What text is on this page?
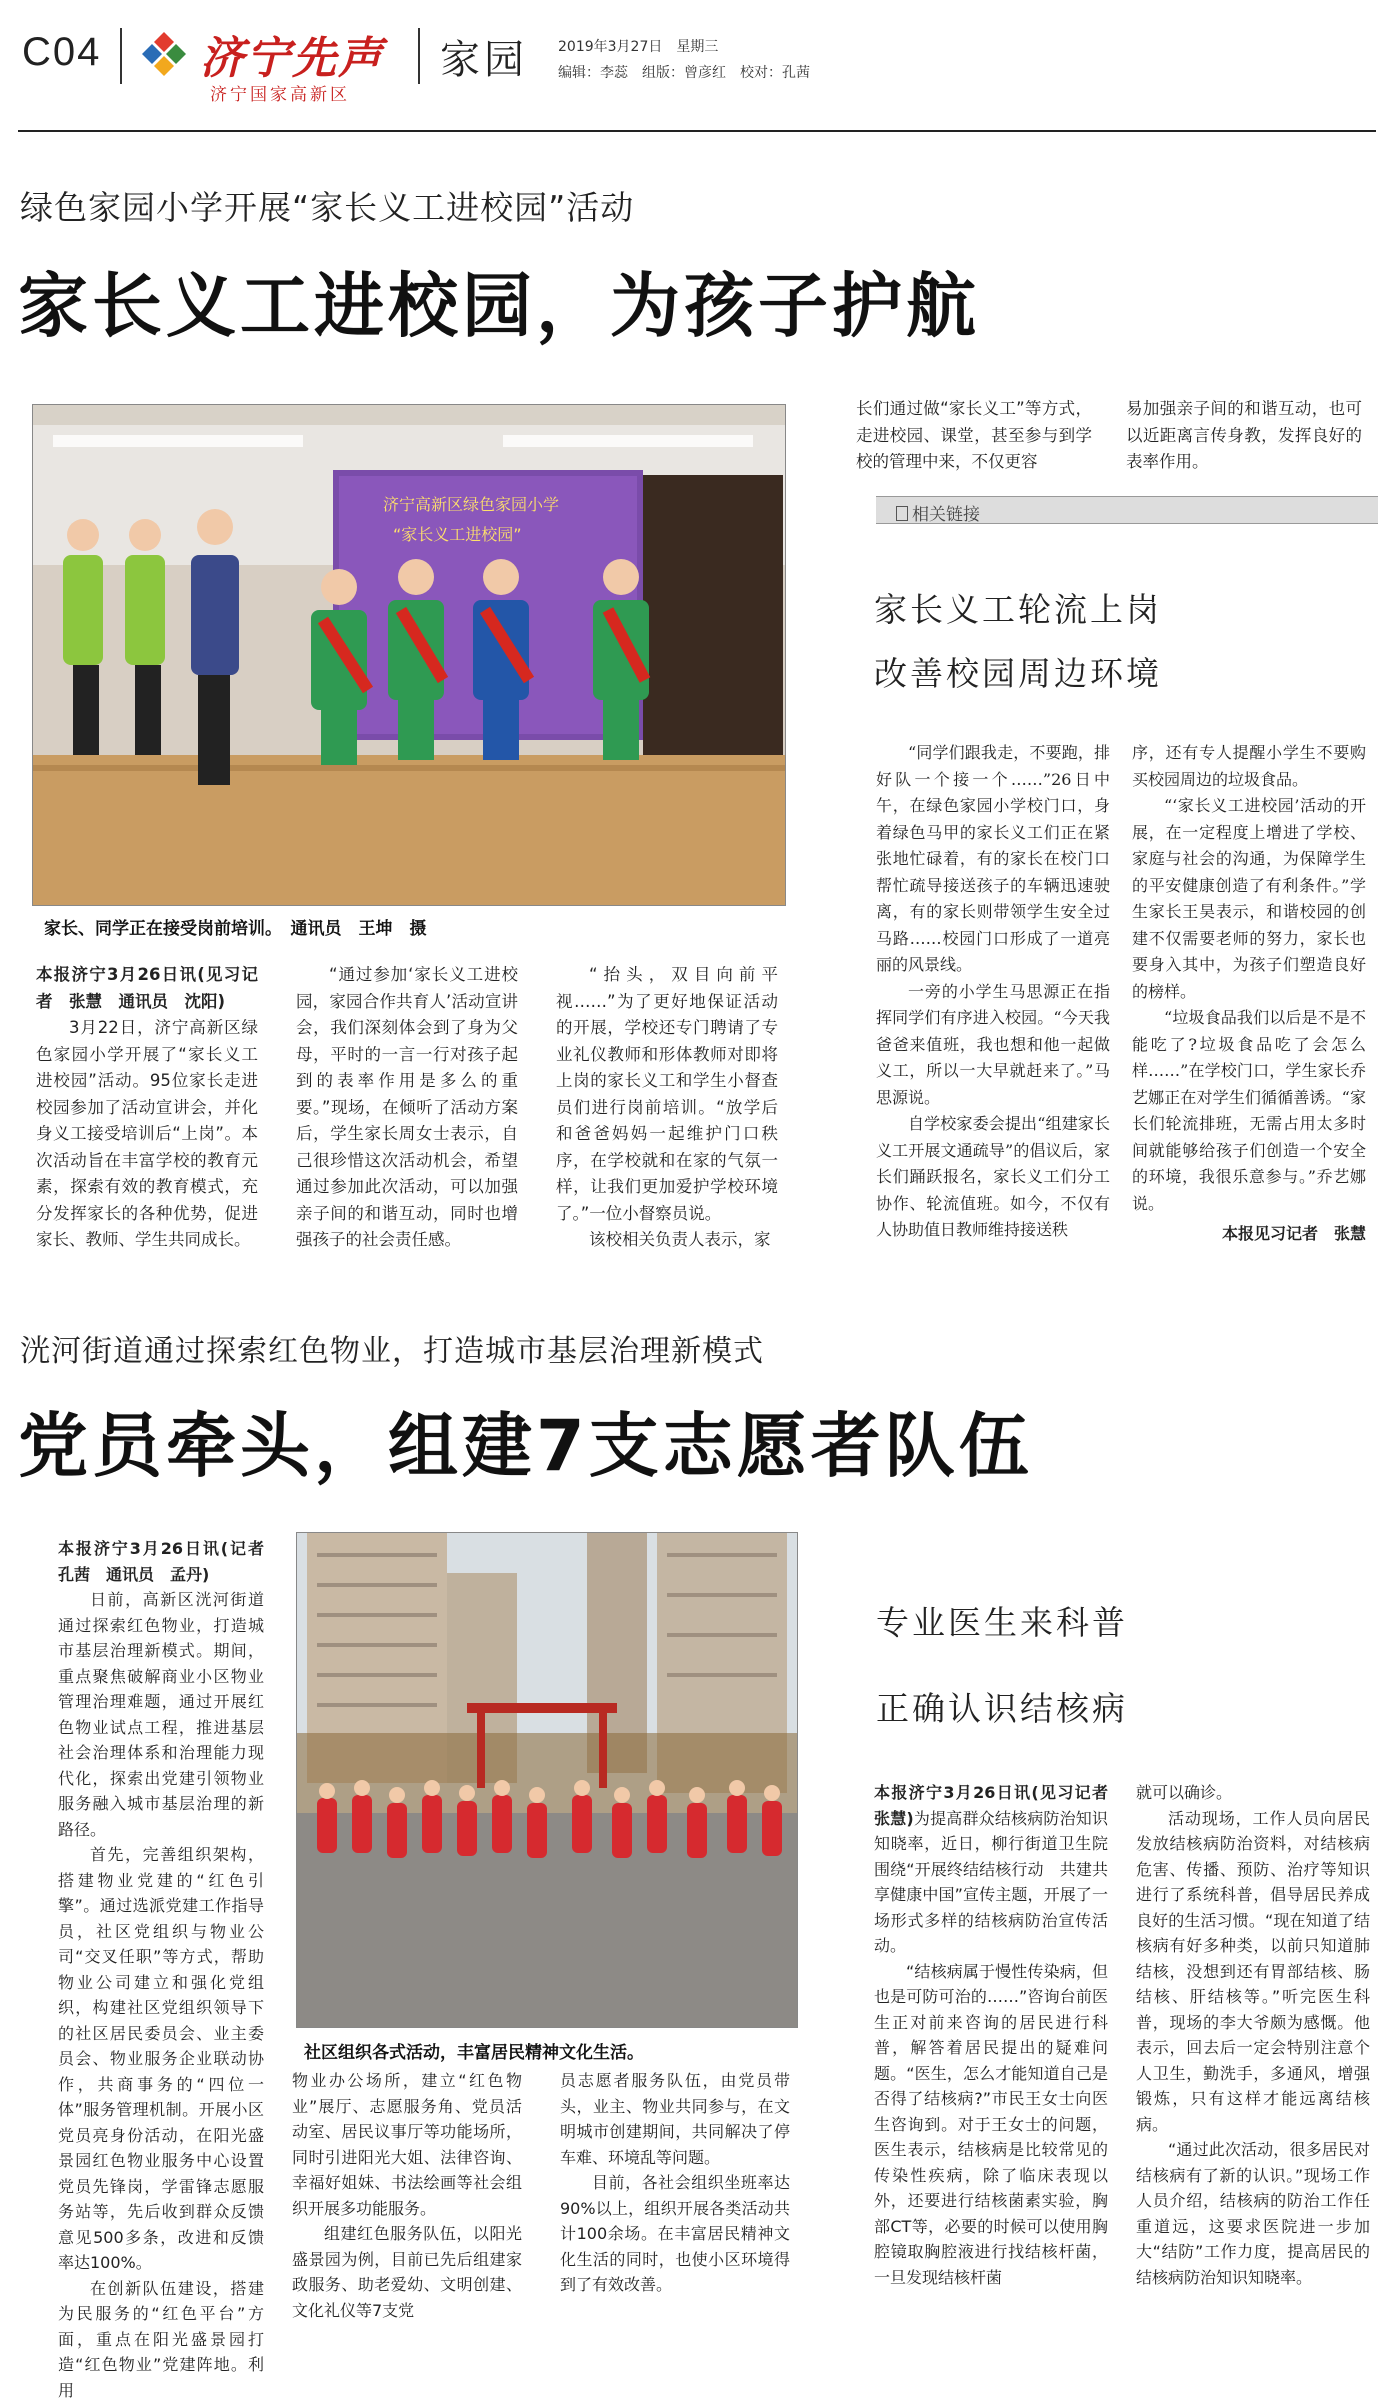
C04 济宁先声
济宁国家高新区
家园 2019年3月27日　星期三
编辑：李蕊　组版：曾彦红　校对：孔茜
绿色家园小学开展“家长义工进校园”活动
家长义工进校园，为孩子护航
济宁高新区绿色家园小学
“家长义工进校园”
家长、同学正在接受岗前培训。　通讯员　王坤　摄

本报济宁3月26日讯(见习记者　张慧　通讯员　沈阳)

3月22日，济宁高新区绿色家园小学开展了“家长义工进校园”活动。95位家长走进校园参加了活动宣讲会，并化身义工接受培训后“上岗”。本次活动旨在丰富学校的教育元素，探索有效的教育模式，充分发挥家长的各种优势，促进家长、教师、学生共同成长。

“通过参加‘家长义工进校园，家园合作共育人’活动宣讲会，我们深刻体会到了身为父母，平时的一言一行对孩子起到的表率作用是多么的重要。”现场，在倾听了活动方案后，学生家长周女士表示，自己很珍惜这次活动机会，希望通过参加此次活动，可以加强亲子间的和谐互动，同时也增强孩子的社会责任感。

“抬头，双目向前平视……”为了更好地保证活动的开展，学校还专门聘请了专业礼仪教师和形体教师对即将上岗的家长义工和学生小督查员们进行岗前培训。“放学后和爸爸妈妈一起维护门口秩序，在学校就和在家的气氛一样，让我们更加爱护学校环境了。”一位小督察员说。

该校相关负责人表示，家

长们通过做“家长义工”等方式，走进校园、课堂，甚至参与到学校的管理中来，不仅更容

易加强亲子间的和谐互动，也可以近距离言传身教，发挥良好的表率作用。

相关链接
家长义工轮流上岗
改善校园周边环境

“同学们跟我走，不要跑，排好队一个接一个……”26日中午，在绿色家园小学校门口，身着绿色马甲的家长义工们正在紧张地忙碌着，有的家长在校门口帮忙疏导接送孩子的车辆迅速驶离，有的家长则带领学生安全过马路……校园门口形成了一道亮丽的风景线。

一旁的小学生马思源正在指挥同学们有序进入校园。“今天我爸爸来值班，我也想和他一起做义工，所以一大早就赶来了。”马思源说。

自学校家委会提出“组建家长义工开展文通疏导”的倡议后，家长们踊跃报名，家长义工们分工协作、轮流值班。如今，不仅有人协助值日教师维持接送秩

序，还有专人提醒小学生不要购买校园周边的垃圾食品。

“‘家长义工进校园’活动的开展，在一定程度上增进了学校、家庭与社会的沟通，为保障学生的平安健康创造了有利条件。”学生家长王昊表示，和谐校园的创建不仅需要老师的努力，家长也要身入其中，为孩子们塑造良好的榜样。

“垃圾食品我们以后是不是不能吃了?垃圾食品吃了会怎么样……”在学校门口，学生家长乔艺娜正在对学生们循循善诱。“家长们轮流排班，无需占用太多时间就能够给孩子们创造一个安全的环境，我很乐意参与。”乔艺娜说。

本报见习记者　张慧
洸河街道通过探索红色物业，打造城市基层治理新模式
党员牵头，组建7支志愿者队伍

本报济宁3月26日讯(记者　孔茜　通讯员　孟丹)

日前，高新区洸河街道通过探索红色物业，打造城市基层治理新模式。期间，重点聚焦破解商业小区物业管理治理难题，通过开展红色物业试点工程，推进基层社会治理体系和治理能力现代化，探索出党建引领物业服务融入城市基层治理的新路径。

首先，完善组织架构，搭建物业党建的“红色引擎”。通过选派党建工作指导员，社区党组织与物业公司“交叉任职”等方式，帮助物业公司建立和强化党组织，构建社区党组织领导下的社区居民委员会、业主委员会、物业服务企业联动协作，共商事务的“四位一体”服务管理机制。开展小区党员亮身份活动，在阳光盛景园红色物业服务中心设置党员先锋岗，学雷锋志愿服务站等，先后收到群众反馈意见500多条，改进和反馈率达100%。

在创新队伍建设，搭建为民服务的“红色平台”方面，重点在阳光盛景园打造“红色物业”党建阵地。利用

社区组织各式活动，丰富居民精神文化生活。

物业办公场所，建立“红色物业”展厅、志愿服务角、党员活动室、居民议事厅等功能场所，同时引进阳光大姐、法律咨询、幸福好姐妹、书法绘画等社会组织开展多功能服务。

组建红色服务队伍，以阳光盛景园为例，目前已先后组建家政服务、助老爱幼、文明创建、文化礼仪等7支党

员志愿者服务队伍，由党员带头，业主、物业共同参与，在文明城市创建期间，共同解决了停车难、环境乱等问题。

目前，各社会组织坐班率达90%以上，组织开展各类活动共计100余场。在丰富居民精神文化生活的同时，也使小区环境得到了有效改善。

专业医生来科普
正确认识结核病

本报济宁3月26日讯(见习记者　张慧)为提高群众结核病防治知识知晓率，近日，柳行街道卫生院围绕“开展终结结核行动　共建共享健康中国”宣传主题，开展了一场形式多样的结核病防治宣传活动。

“结核病属于慢性传染病，但也是可防可治的……”咨询台前医生正对前来咨询的居民进行科普，解答着居民提出的疑难问题。“医生，怎么才能知道自己是否得了结核病?”市民王女士向医生咨询到。对于王女士的问题，医生表示，结核病是比较常见的传染性疾病，除了临床表现以外，还要进行结核菌素实验，胸部CT等，必要的时候可以使用胸腔镜取胸腔液进行找结核杆菌，一旦发现结核杆菌

就可以确诊。

活动现场，工作人员向居民发放结核病防治资料，对结核病危害、传播、预防、治疗等知识进行了系统科普，倡导居民养成良好的生活习惯。“现在知道了结核病有好多种类，以前只知道肺结核，没想到还有胃部结核、肠结核、肝结核等。”听完医生科普，现场的李大爷颇为感慨。他表示，回去后一定会特别注意个人卫生，勤洗手，多通风，增强锻炼，只有这样才能远离结核病。

“通过此次活动，很多居民对结核病有了新的认识。”现场工作人员介绍，结核病的防治工作任重道远，这要求医院进一步加大“结防”工作力度，提高居民的结核病防治知识知晓率。
